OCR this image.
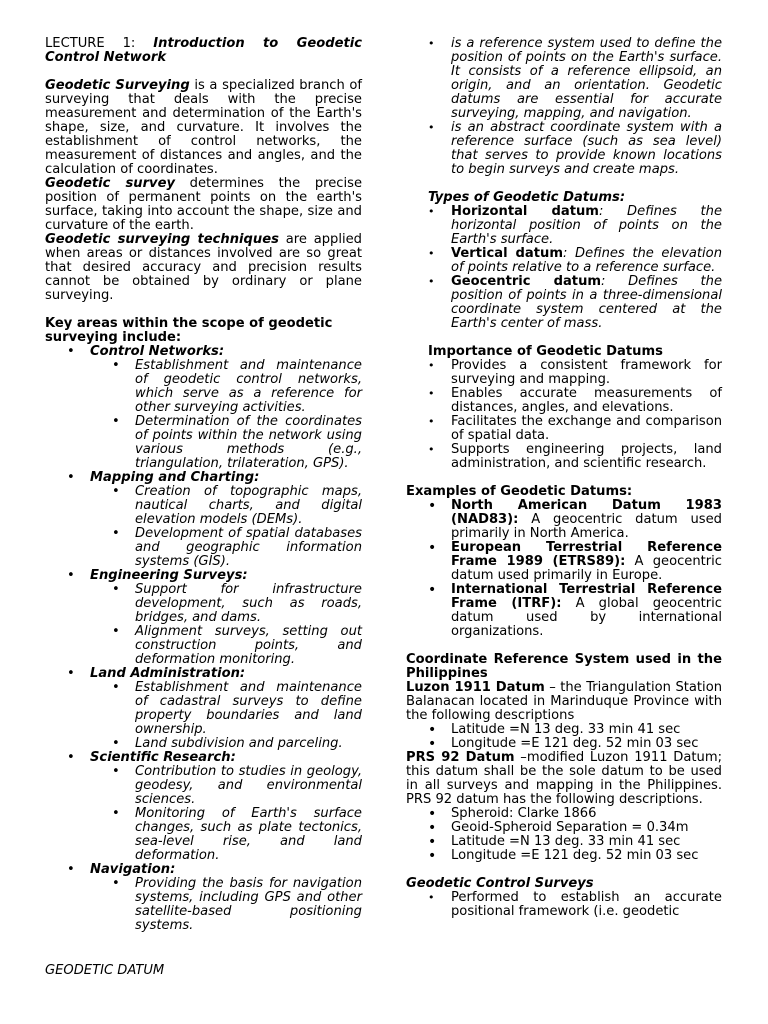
LECTURE 1: Introduction to Geodetic Control Network

Geodetic Surveying is a specialized branch of surveying that deals with the precise measurement and determination of the Earth's shape, size, and curvature. It involves the establishment of control networks, the measurement of distances and angles, and the calculation of coordinates.

Geodetic survey determines the precise position of permanent points on the earth's surface, taking into account the shape, size and curvature of the earth.

Geodetic surveying techniques are applied when areas or distances involved are so great that desired accuracy and precision results cannot be obtained by ordinary or plane surveying.

Key areas within the scope of geodetic surveying include:

• Control Networks:
• Establishment and maintenance of geodetic control networks, which serve as a reference for other surveying activities.
• Determination of the coordinates of points within the network using various methods (e.g., triangulation, trilateration, GPS).
• Mapping and Charting:
• Creation of topographic maps, nautical charts, and digital elevation models (DEMs).
• Development of spatial databases and geographic information systems (GIS).
• Engineering Surveys:
• Support for infrastructure development, such as roads, bridges, and dams.
• Alignment surveys, setting out construction points, and deformation monitoring.
• Land Administration:
• Establishment and maintenance of cadastral surveys to define property boundaries and land ownership.
• Land subdivision and parceling.
• Scientific Research:
• Contribution to studies in geology, geodesy, and environmental sciences.
• Monitoring of Earth's surface changes, such as plate tectonics, sea-level rise, and land deformation.
• Navigation:
• Providing the basis for navigation systems, including GPS and other satellite-based positioning systems.
GEODETIC DATUM
• is a reference system used to define the position of points on the Earth's surface. It consists of a reference ellipsoid, an origin, and an orientation. Geodetic datums are essential for accurate surveying, mapping, and navigation.
• is an abstract coordinate system with a reference surface (such as sea level) that serves to provide known locations to begin surveys and create maps.

Types of Geodetic Datums:

• Horizontal datum: Defines the horizontal position of points on the Earth's surface.
• Vertical datum: Defines the elevation of points relative to a reference surface.
• Geocentric datum: Defines the position of points in a three-dimensional coordinate system centered at the Earth's center of mass.

Importance of Geodetic Datums

• Provides a consistent framework for surveying and mapping.
• Enables accurate measurements of distances, angles, and elevations.
• Facilitates the exchange and comparison of spatial data.
• Supports engineering projects, land administration, and scientific research.

Examples of Geodetic Datums:

• North American Datum 1983 (NAD83): A geocentric datum used primarily in North America.
• European Terrestrial Reference Frame 1989 (ETRS89): A geocentric datum used primarily in Europe.
• International Terrestrial Reference Frame (ITRF): A global geocentric datum used by international organizations.

Coordinate Reference System used in the Philippines

Luzon 1911 Datum – the Triangulation Station Balanacan located in Marinduque Province with the following descriptions

• Latitude =N 13 deg. 33 min 41 sec
• Longitude =E 121 deg. 52 min 03 sec

PRS 92 Datum –modified Luzon 1911 Datum; this datum shall be the sole datum to be used in all surveys and mapping in the Philippines. PRS 92 datum has the following descriptions.

• Spheroid: Clarke 1866
• Geoid-Spheroid Separation = 0.34m
• Latitude =N 13 deg. 33 min 41 sec
• Longitude =E 121 deg. 52 min 03 sec

Geodetic Control Surveys

• Performed to establish an accurate positional framework (i.e. geodetic
